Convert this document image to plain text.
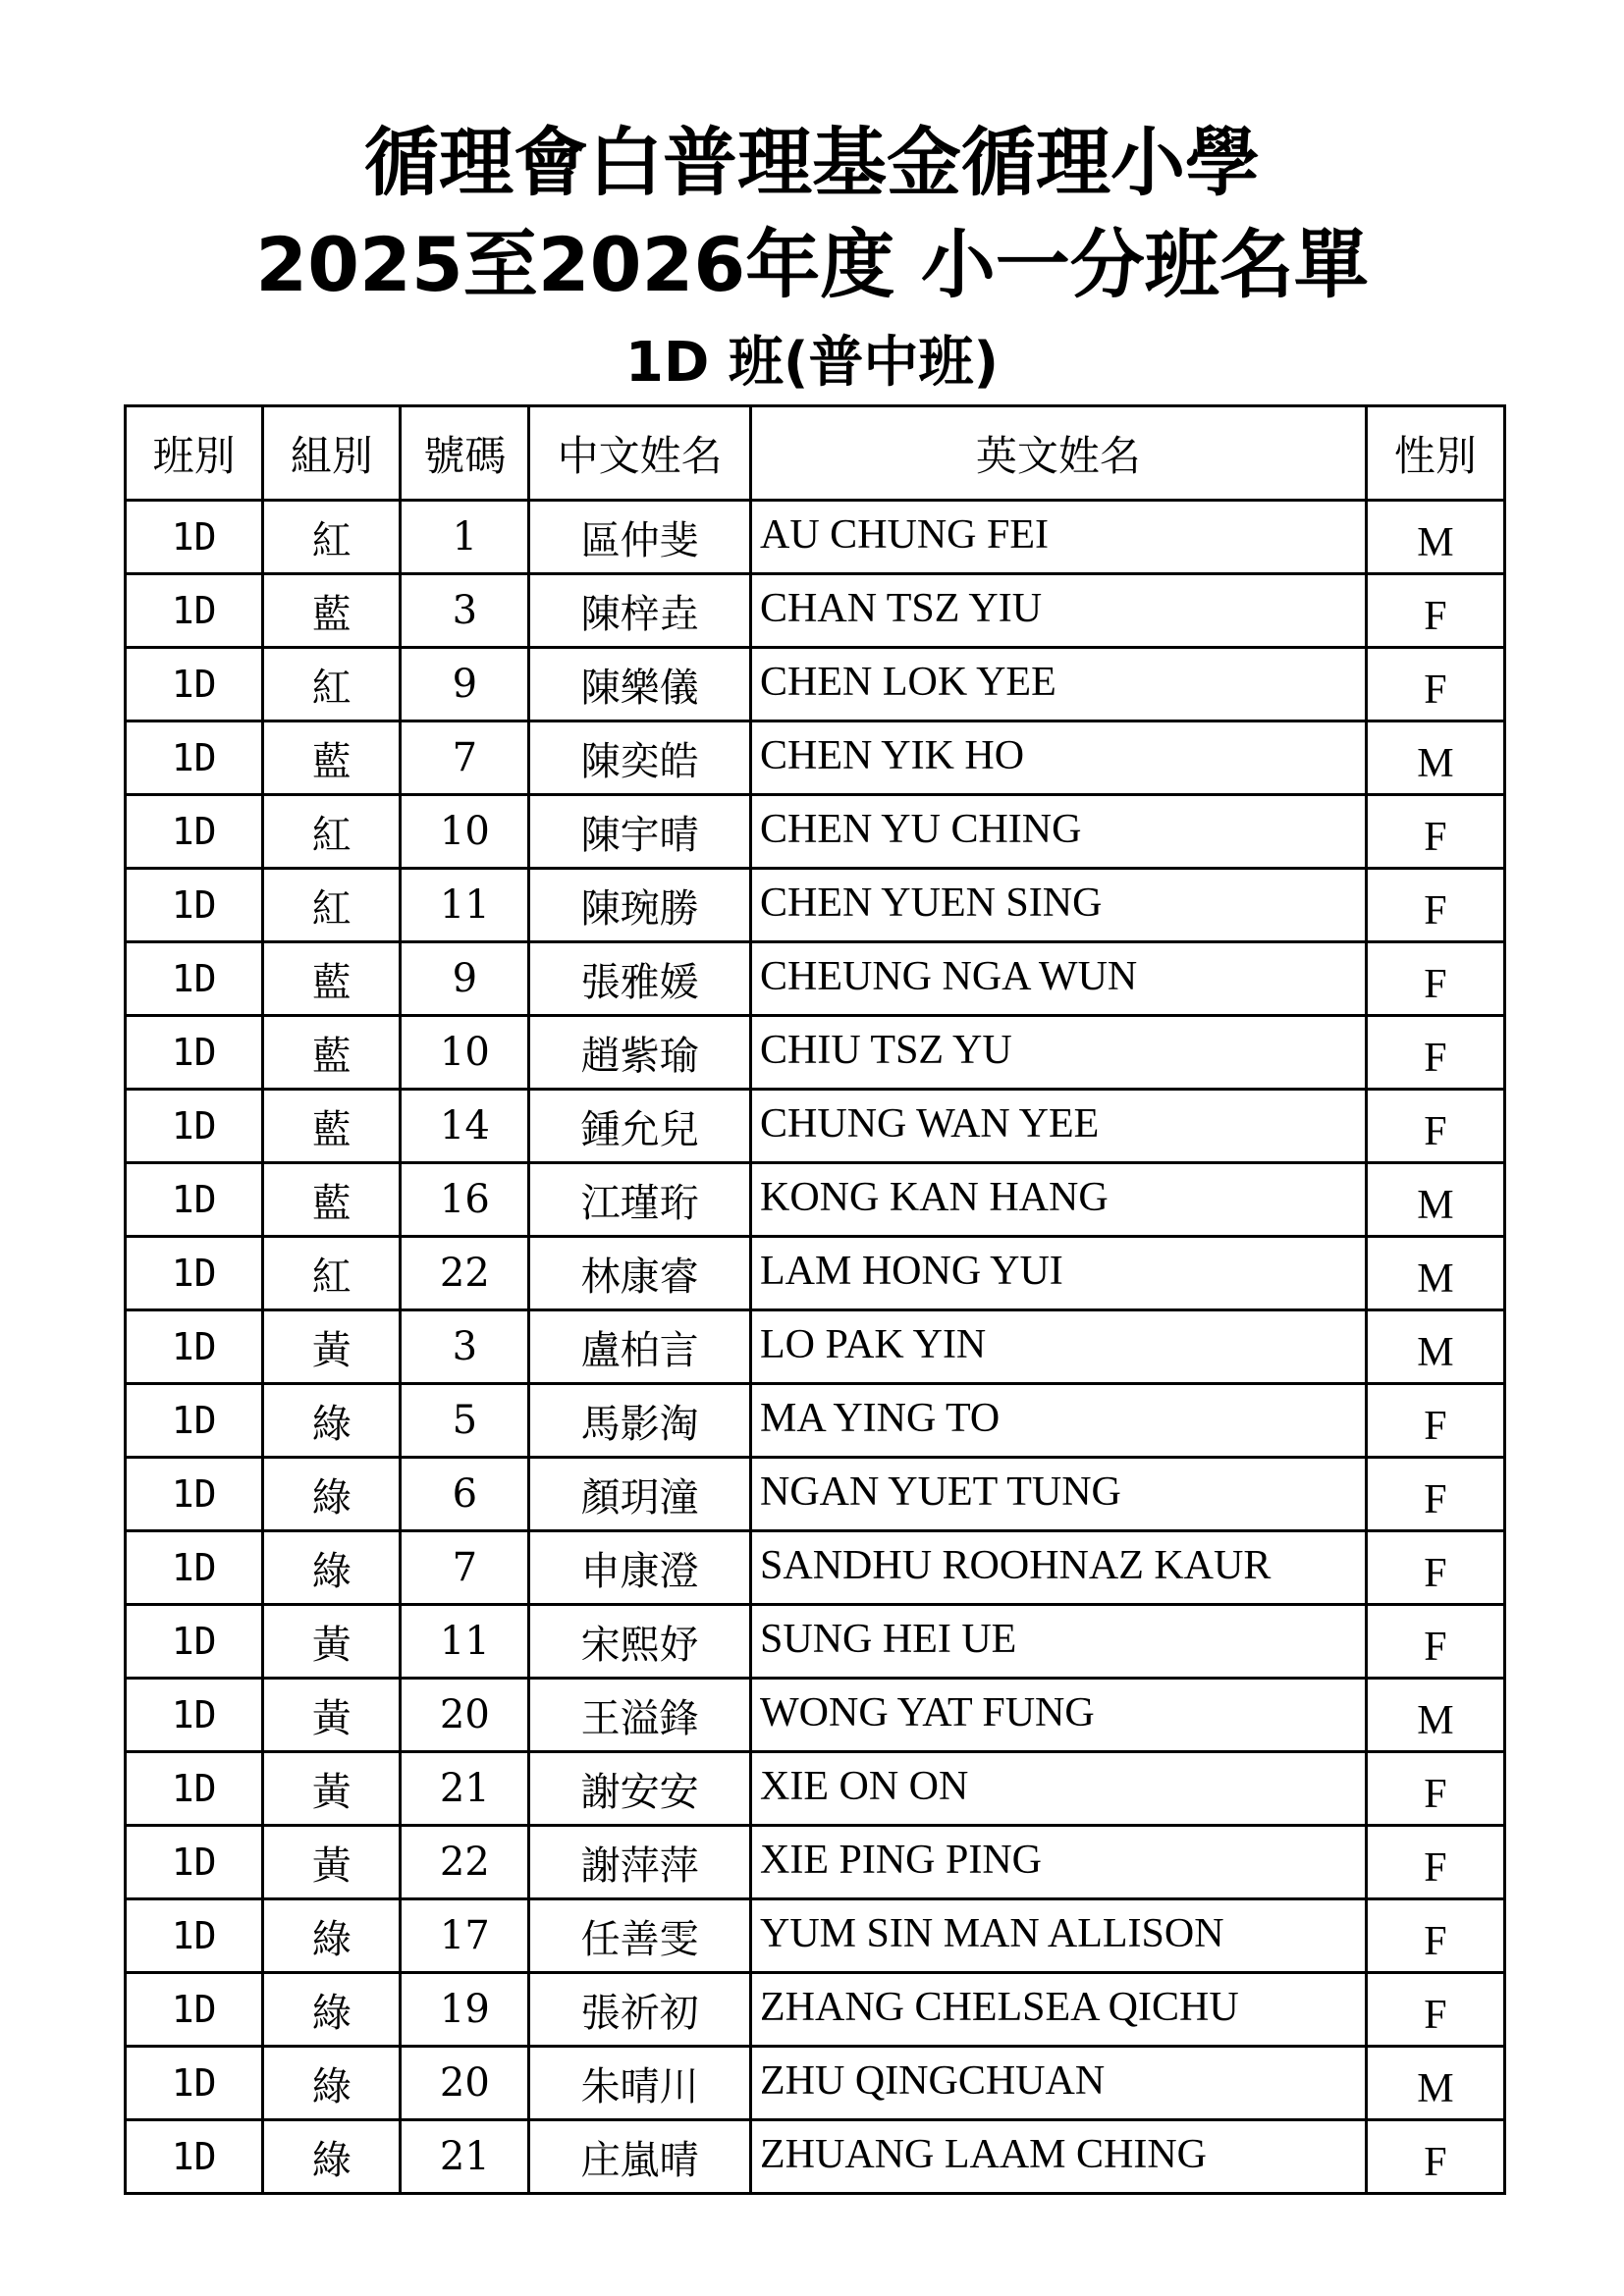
循理會白普理基金循理小學
2025至2026年度 小一分班名單
1D 班(普中班)
班別	組別	號碼	中文姓名	英文姓名	性別
1D	紅	1	區仲斐	AU CHUNG FEI	M
1D	藍	3	陳梓垚	CHAN TSZ YIU	F
1D	紅	9	陳樂儀	CHEN LOK YEE	F
1D	藍	7	陳奕皓	CHEN YIK HO	M
1D	紅	10	陳宇晴	CHEN YU CHING	F
1D	紅	11	陳琬勝	CHEN YUEN SING	F
1D	藍	9	張雅媛	CHEUNG NGA WUN	F
1D	藍	10	趙紫瑜	CHIU TSZ YU	F
1D	藍	14	鍾允兒	CHUNG WAN YEE	F
1D	藍	16	江瑾珩	KONG KAN HANG	M
1D	紅	22	林康睿	LAM HONG YUI	M
1D	黃	3	盧柏言	LO PAK YIN	M
1D	綠	5	馬影淘	MA YING TO	F
1D	綠	6	顏玥潼	NGAN YUET TUNG	F
1D	綠	7	申康澄	SANDHU ROOHNAZ KAUR	F
1D	黃	11	宋熙妤	SUNG HEI UE	F
1D	黃	20	王溢鋒	WONG YAT FUNG	M
1D	黃	21	謝安安	XIE ON ON	F
1D	黃	22	謝萍萍	XIE PING PING	F
1D	綠	17	任善雯	YUM SIN MAN ALLISON	F
1D	綠	19	張祈初	ZHANG CHELSEA QICHU	F
1D	綠	20	朱晴川	ZHU QINGCHUAN	M
1D	綠	21	庄嵐晴	ZHUANG LAAM CHING	F
